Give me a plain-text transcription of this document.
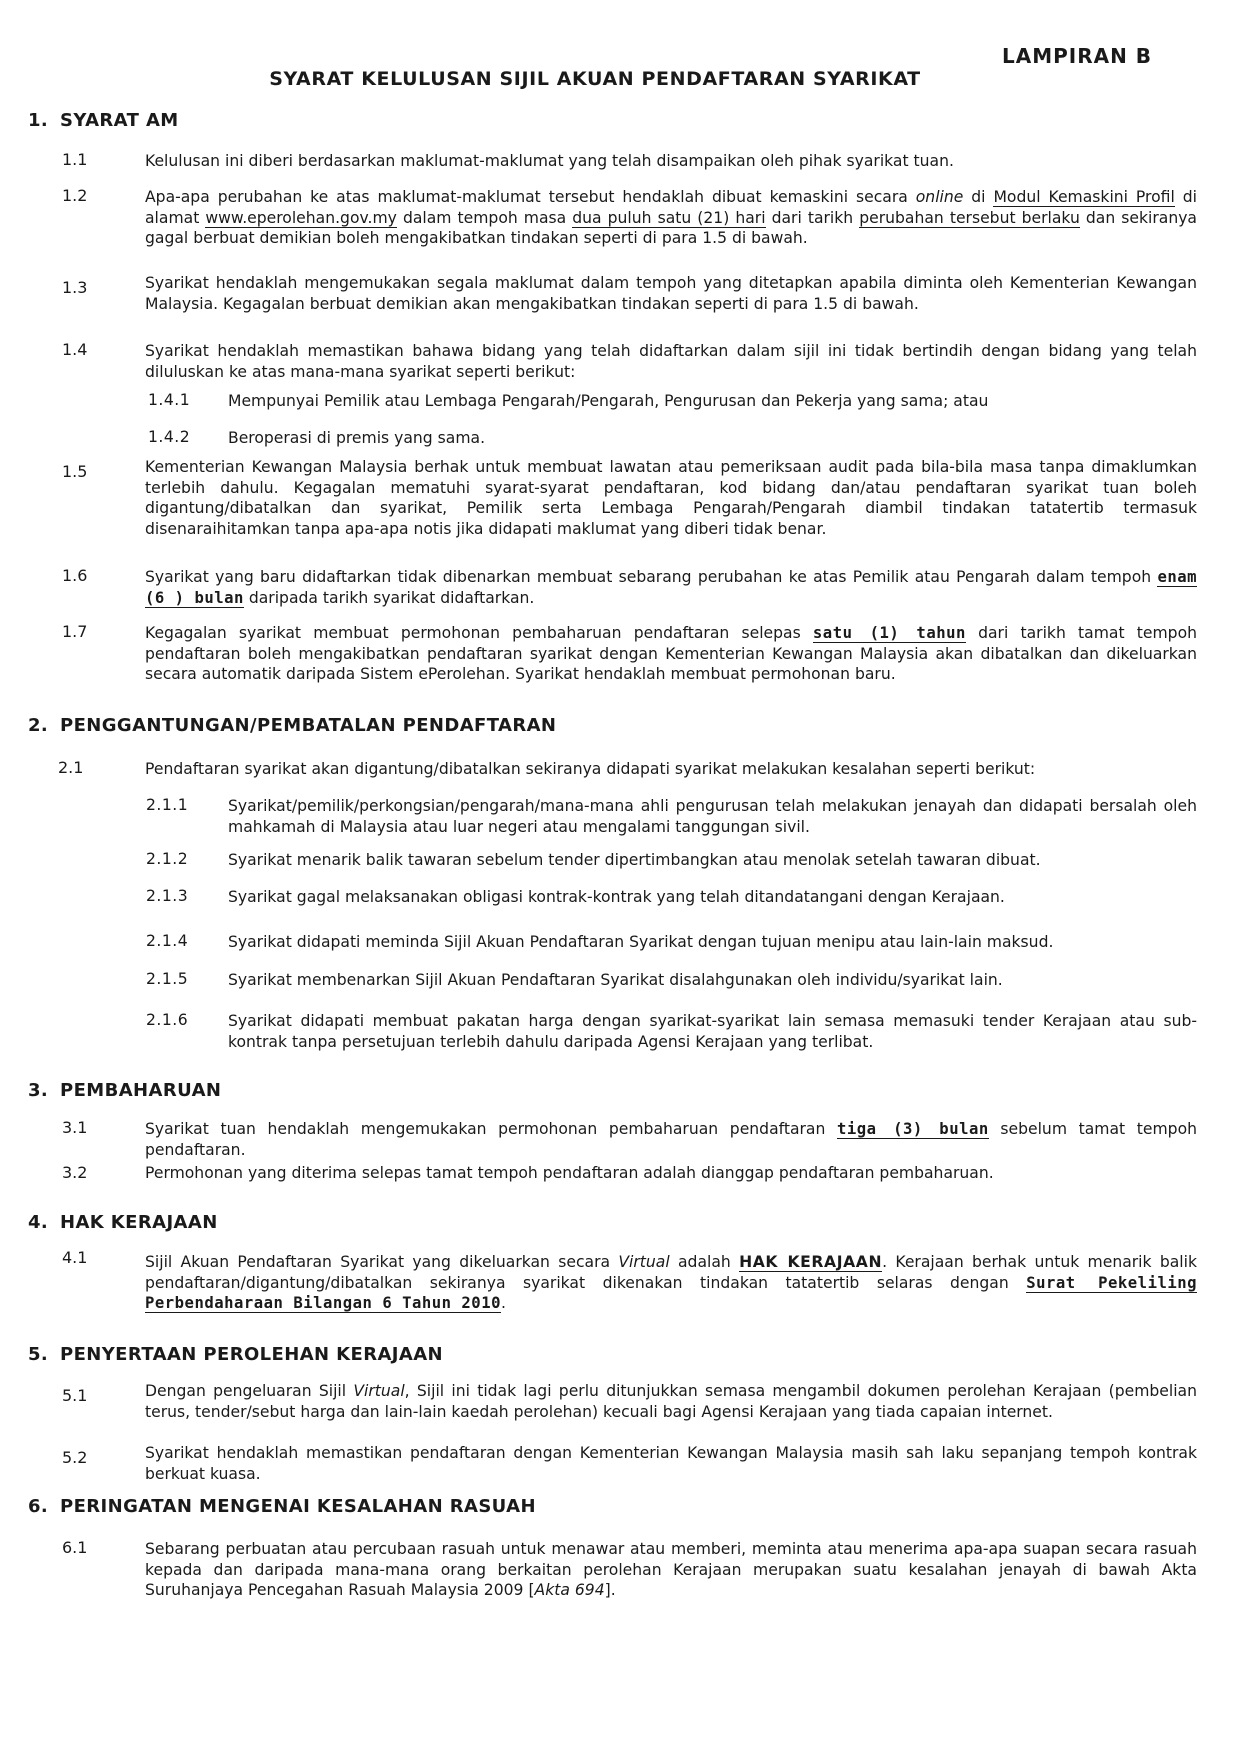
LAMPIRAN B
SYARAT KELULUSAN SIJIL AKUAN PENDAFTARAN SYARIKAT
1. SYARAT AM
1.1	Kelulusan ini diberi berdasarkan maklumat-maklumat yang telah disampaikan oleh pihak syarikat tuan.
1.2	Apa-apa perubahan ke atas maklumat-maklumat tersebut hendaklah dibuat kemaskini secara online di Modul Kemaskini Profil di alamat www.eperolehan.gov.my dalam tempoh masa dua puluh satu (21) hari dari tarikh perubahan tersebut berlaku dan sekiranya gagal berbuat demikian boleh mengakibatkan tindakan seperti di para 1.5 di bawah.
1.3	Syarikat hendaklah mengemukakan segala maklumat dalam tempoh yang ditetapkan apabila diminta oleh Kementerian Kewangan Malaysia. Kegagalan berbuat demikian akan mengakibatkan tindakan seperti di para 1.5 di bawah.
1.4	Syarikat hendaklah memastikan bahawa bidang yang telah didaftarkan dalam sijil ini tidak bertindih dengan bidang yang telah diluluskan ke atas mana-mana syarikat seperti berikut:
1.4.1 Mempunyai Pemilik atau Lembaga Pengarah/Pengarah, Pengurusan dan Pekerja yang sama; atau
1.4.2 Beroperasi di premis yang sama.
1.5	Kementerian Kewangan Malaysia berhak untuk membuat lawatan atau pemeriksaan audit pada bila-bila masa tanpa dimaklumkan terlebih dahulu. Kegagalan mematuhi syarat-syarat pendaftaran, kod bidang dan/atau pendaftaran syarikat tuan boleh digantung/dibatalkan dan syarikat, Pemilik serta Lembaga Pengarah/Pengarah diambil tindakan tatatertib termasuk disenaraihitamkan tanpa apa-apa notis jika didapati maklumat yang diberi tidak benar.
1.6	Syarikat yang baru didaftarkan tidak dibenarkan membuat sebarang perubahan ke atas Pemilik atau Pengarah dalam tempoh enam (6 ) bulan daripada tarikh syarikat didaftarkan.
1.7	Kegagalan syarikat membuat permohonan pembaharuan pendaftaran selepas satu (1) tahun dari tarikh tamat tempoh pendaftaran boleh mengakibatkan pendaftaran syarikat dengan Kementerian Kewangan Malaysia akan dibatalkan dan dikeluarkan secara automatik daripada Sistem ePerolehan. Syarikat hendaklah membuat permohonan baru.
2. PENGGANTUNGAN/PEMBATALAN PENDAFTARAN
2.1	Pendaftaran syarikat akan digantung/dibatalkan sekiranya didapati syarikat melakukan kesalahan seperti berikut:
2.1.1	Syarikat/pemilik/perkongsian/pengarah/mana-mana ahli pengurusan telah melakukan jenayah dan didapati bersalah oleh mahkamah di Malaysia atau luar negeri atau mengalami tanggungan sivil.
2.1.2	Syarikat menarik balik tawaran sebelum tender dipertimbangkan atau menolak setelah tawaran dibuat.
2.1.3	Syarikat gagal melaksanakan obligasi kontrak-kontrak yang telah ditandatangani dengan Kerajaan.
2.1.4	Syarikat didapati meminda Sijil Akuan Pendaftaran Syarikat dengan tujuan menipu atau lain-lain maksud.
2.1.5	Syarikat membenarkan Sijil Akuan Pendaftaran Syarikat disalahgunakan oleh individu/syarikat lain.
2.1.6	Syarikat didapati membuat pakatan harga dengan syarikat-syarikat lain semasa memasuki tender Kerajaan atau sub-kontrak tanpa persetujuan terlebih dahulu daripada Agensi Kerajaan yang terlibat.
3. PEMBAHARUAN
3.1	Syarikat tuan hendaklah mengemukakan permohonan pembaharuan pendaftaran tiga (3) bulan sebelum tamat tempoh pendaftaran.
3.2	Permohonan yang diterima selepas tamat tempoh pendaftaran adalah dianggap pendaftaran pembaharuan.
4. HAK KERAJAAN
4.1	Sijil Akuan Pendaftaran Syarikat yang dikeluarkan secara Virtual adalah HAK KERAJAAN. Kerajaan berhak untuk menarik balik pendaftaran/digantung/dibatalkan sekiranya syarikat dikenakan tindakan tatatertib selaras dengan Surat Pekeliling Perbendaharaan Bilangan 6 Tahun 2010.
5. PENYERTAAN PEROLEHAN KERAJAAN
5.1	Dengan pengeluaran Sijil Virtual, Sijil ini tidak lagi perlu ditunjukkan semasa mengambil dokumen perolehan Kerajaan (pembelian terus, tender/sebut harga dan lain-lain kaedah perolehan) kecuali bagi Agensi Kerajaan yang tiada capaian internet.
5.2	Syarikat hendaklah memastikan pendaftaran dengan Kementerian Kewangan Malaysia masih sah laku sepanjang tempoh kontrak berkuat kuasa.
6. PERINGATAN MENGENAI KESALAHAN RASUAH
6.1	Sebarang perbuatan atau percubaan rasuah untuk menawar atau memberi, meminta atau menerima apa-apa suapan secara rasuah kepada dan daripada mana-mana orang berkaitan perolehan Kerajaan merupakan suatu kesalahan jenayah di bawah Akta Suruhanjaya Pencegahan Rasuah Malaysia 2009 [Akta 694].
